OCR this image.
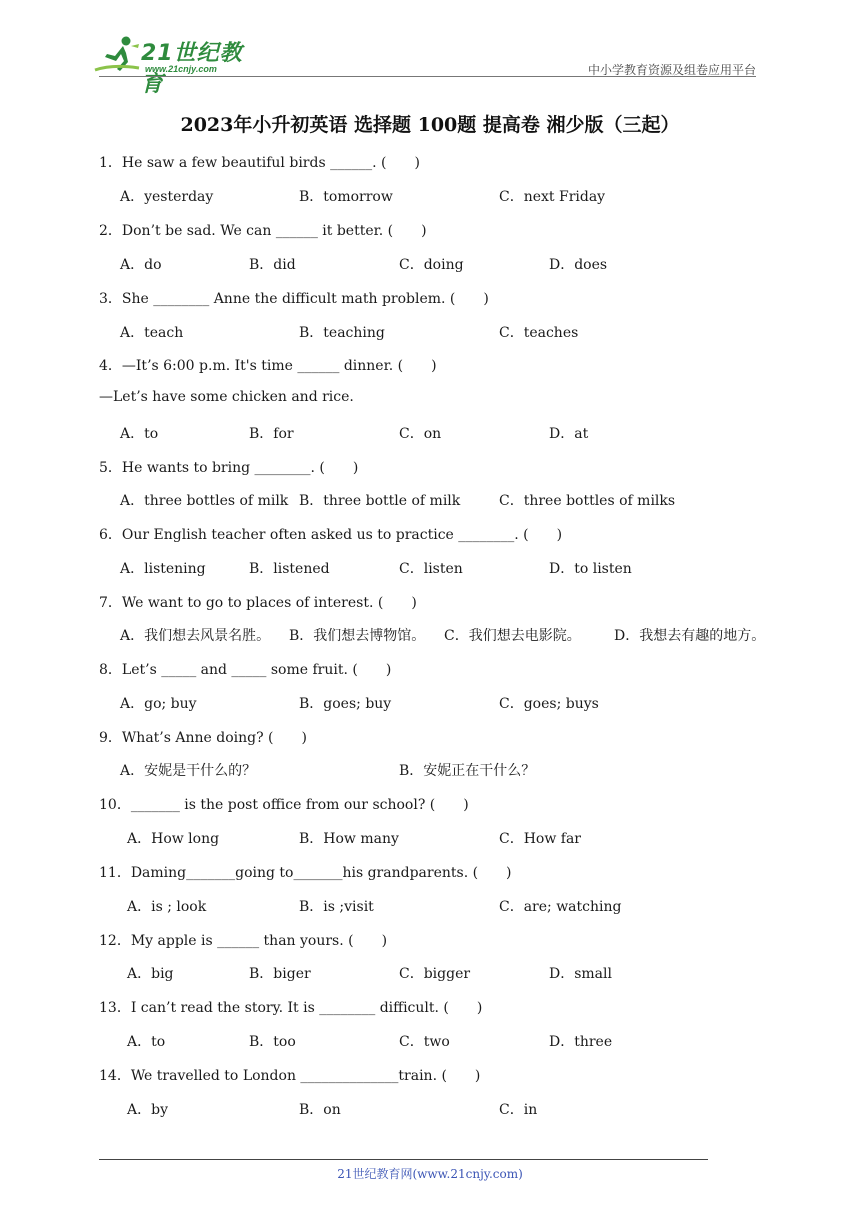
21世纪教育
www.21cnjy.com	中小学教育资源及组卷应用平台
2023年小升初英语 选择题 100题 提高卷 湘少版（三起）
1．He saw a few beautiful birds ______. (　　)
A．yesterday	B．tomorrow	C．next Friday
2．Don’t be sad. We can ______ it better. (　　)
A．do	B．did	C．doing	D．does
3．She ________ Anne the difficult math problem. (　　)
A．teach	B．teaching	C．teaches
4．—It’s 6:00 p.m. It's time ______ dinner. (　　)
—Let’s have some chicken and rice.
A．to	B．for	C．on	D．at
5．He wants to bring ________. (　　)
A．three bottles of milk B．three bottle of milk	C．three bottles of milks
6．Our English teacher often asked us to practice ________. (　　)
A．listening	B．listened	C．listen	D．to listen
7．We want to go to places of interest. (　　)
A．我们想去风景名胜。 B．我们想去博物馆。 C．我们想去电影院。 D．我想去有趣的地方。
8．Let’s _____ and _____ some fruit. (　　)
A．go; buy	B．goes; buy	C．goes; buys
9．What’s Anne doing? (　　)
A．安妮是干什么的？	B．安妮正在干什么？
10．_______ is the post office from our school? (　　)
A．How long	B．How many	C．How far
11．Daming_______going to_______his grandparents. (　　)
A．is ; look	B．is ;visit	C．are; watching
12．My apple is ______ than yours. (　　)
A．big	B．biger	C．bigger	D．small
13．I can’t read the story. It is ________ difficult. (　　)
A．to	B．too	C．two	D．three
14．We travelled to London ______________train. (　　)
A．by	B．on	C．in
21世纪教育网(www.21cnjy.com)
